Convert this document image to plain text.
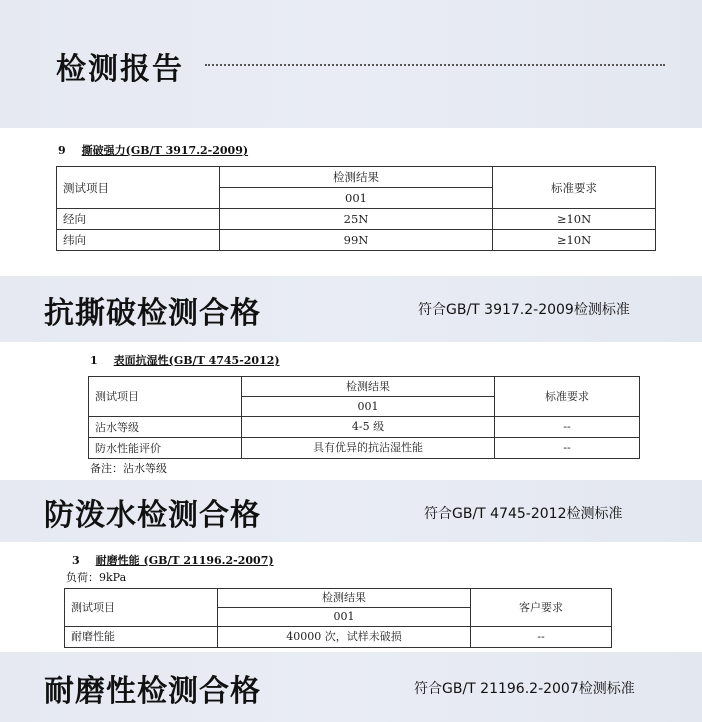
检测报告
9 撕破强力(GB/T 3917.2-2009)
测试项目	检测结果	标准要求
	001	
经向	25N	≥10N
纬向	99N	≥10N
抗撕破检测合格	符合GB/T 3917.2-2009检测标准
1 表面抗湿性(GB/T 4745-2012)
测试项目	检测结果	标准要求
	001	
沾水等级	4-5 级	--
防水性能评价	具有优异的抗沾湿性能	--
备注：沾水等级
防泼水检测合格	符合GB/T 4745-2012检测标准
3 耐磨性能 (GB/T 21196.2-2007)
负荷：9kPa
测试项目	检测结果	客户要求
	001	
耐磨性能	40000 次，试样未破损	--
耐磨性检测合格	符合GB/T 21196.2-2007检测标准
